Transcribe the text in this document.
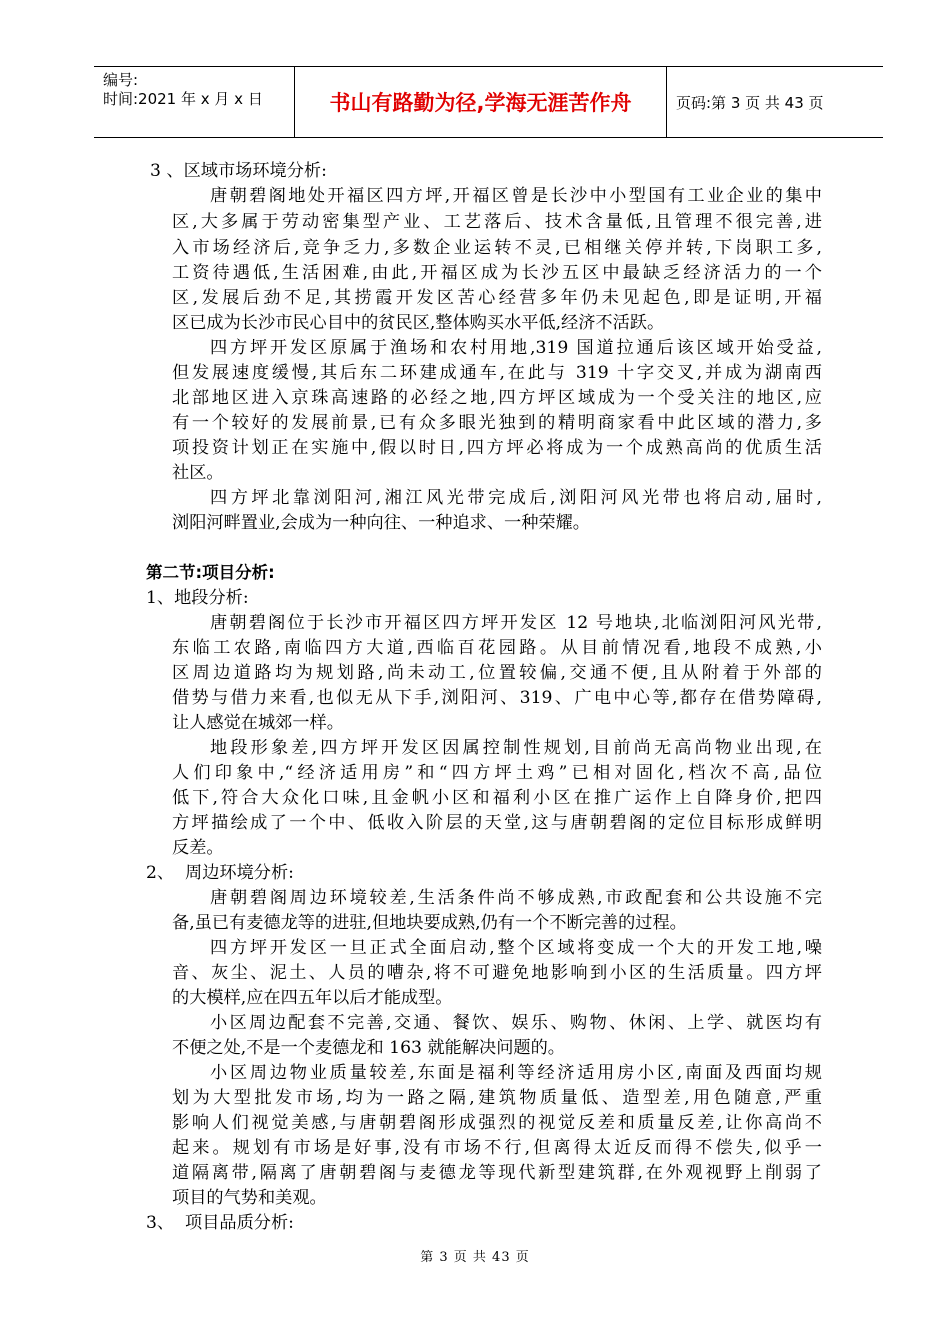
编号:
时间:2021 年 x 月 x 日	书山有路勤为径,学海无涯苦作舟	页码:第 3 页 共 43 页
3 、区域市场环境分析:
唐朝碧阁地处开福区四方坪,开福区曾是长沙中小型国有工业企业的集中
区,大多属于劳动密集型产业、工艺落后、技术含量低,且管理不很完善,进
入市场经济后,竞争乏力,多数企业运转不灵,已相继关停并转,下岗职工多,
工资待遇低,生活困难,由此,开福区成为长沙五区中最缺乏经济活力的一个
区,发展后劲不足,其捞霞开发区苦心经营多年仍未见起色,即是证明,开福
区已成为长沙市民心目中的贫民区,整体购买水平低,经济不活跃。
四方坪开发区原属于渔场和农村用地,319 国道拉通后该区域开始受益,
但发展速度缓慢,其后东二环建成通车,在此与 319 十字交叉,并成为湖南西
北部地区进入京珠高速路的必经之地,四方坪区域成为一个受关注的地区,应
有一个较好的发展前景,已有众多眼光独到的精明商家看中此区域的潜力,多
项投资计划正在实施中,假以时日,四方坪必将成为一个成熟高尚的优质生活
社区。
四方坪北靠浏阳河,湘江风光带完成后,浏阳河风光带也将启动,届时,
浏阳河畔置业,会成为一种向往、一种追求、一种荣耀。
第二节:项目分析:
1、地段分析:
唐朝碧阁位于长沙市开福区四方坪开发区 12 号地块,北临浏阳河风光带,
东临工农路,南临四方大道,西临百花园路。从目前情况看,地段不成熟,小
区周边道路均为规划路,尚未动工,位置较偏,交通不便,且从附着于外部的
借势与借力来看,也似无从下手,浏阳河、319、广电中心等,都存在借势障碍,
让人感觉在城郊一样。
地段形象差,四方坪开发区因属控制性规划,目前尚无高尚物业出现,在
人们印象中,“经济适用房”和“四方坪土鸡”已相对固化,档次不高,品位
低下,符合大众化口味,且金帆小区和福利小区在推广运作上自降身价,把四
方坪描绘成了一个中、低收入阶层的天堂,这与唐朝碧阁的定位目标形成鲜明
反差。
2、  周边环境分析:
唐朝碧阁周边环境较差,生活条件尚不够成熟,市政配套和公共设施不完
备,虽已有麦德龙等的进驻,但地块要成熟,仍有一个不断完善的过程。
四方坪开发区一旦正式全面启动,整个区域将变成一个大的开发工地,噪
音、灰尘、泥土、人员的嘈杂,将不可避免地影响到小区的生活质量。四方坪
的大模样,应在四五年以后才能成型。
小区周边配套不完善,交通、餐饮、娱乐、购物、休闲、上学、就医均有
不便之处,不是一个麦德龙和 163 就能解决问题的。
小区周边物业质量较差,东面是福利等经济适用房小区,南面及西面均规
划为大型批发市场,均为一路之隔,建筑物质量低、造型差,用色随意,严重
影响人们视觉美感,与唐朝碧阁形成强烈的视觉反差和质量反差,让你高尚不
起来。规划有市场是好事,没有市场不行,但离得太近反而得不偿失,似乎一
道隔离带,隔离了唐朝碧阁与麦德龙等现代新型建筑群,在外观视野上削弱了
项目的气势和美观。
3、  项目品质分析:
第 3 页 共 43 页
